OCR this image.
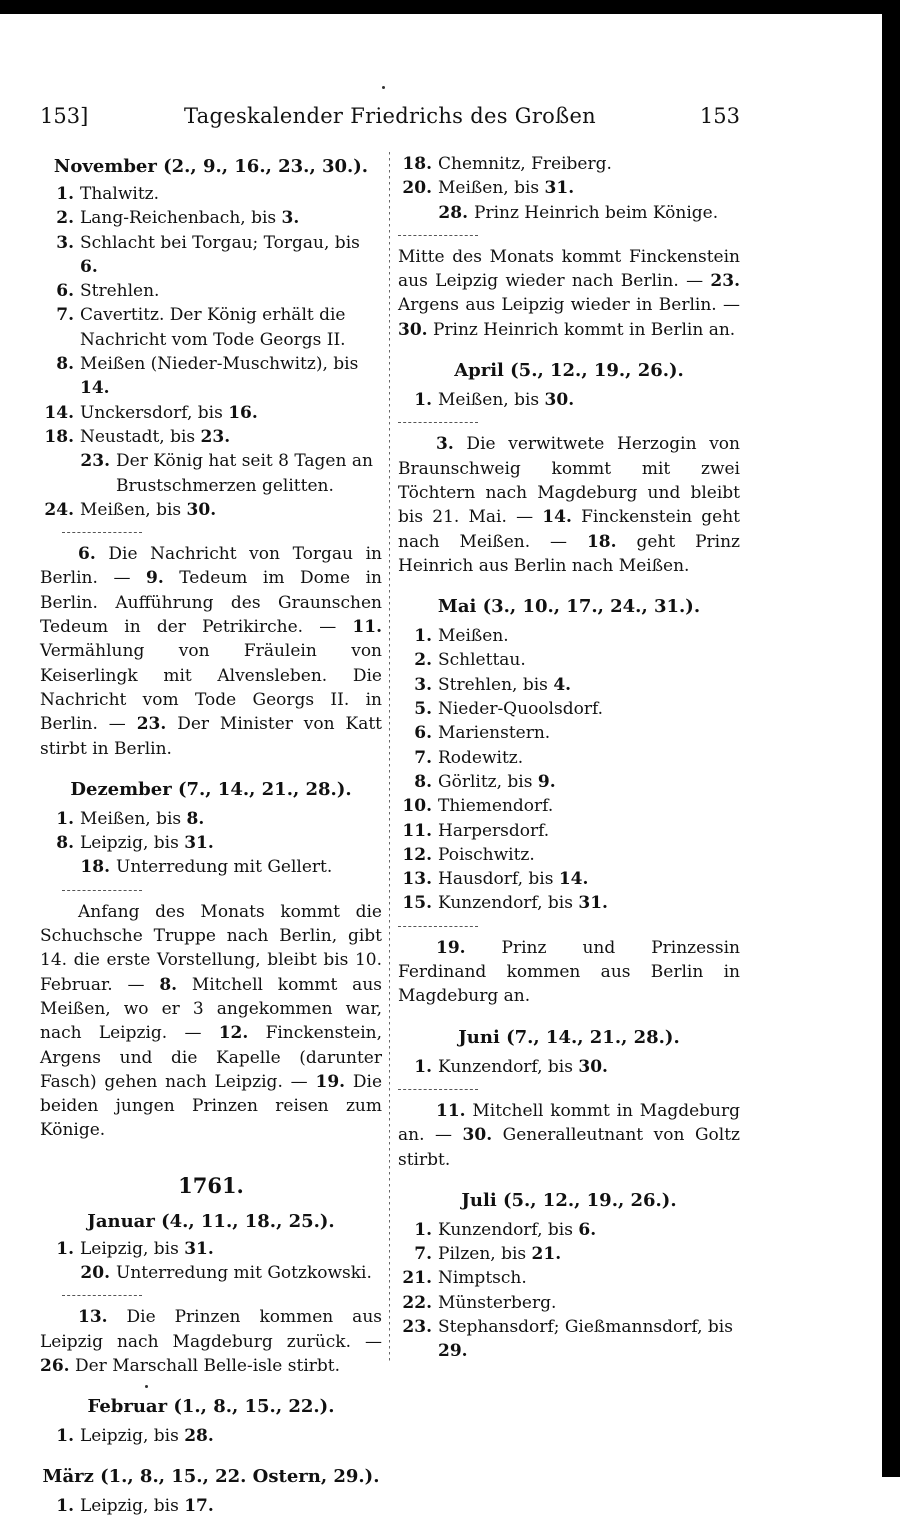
153]	Tageskalender Friedrichs des Großen	153
November (2., 9., 16., 23., 30.).
1. Thalwitz.
2. Lang-Reichenbach, bis 3.
3. Schlacht bei Torgau; Torgau, bis 6.
6. Strehlen.
7. Cavertitz. Der König erhält die Nachricht vom Tode Georgs II.
8. Meißen (Nieder-Muschwitz), bis 14.
14. Unckersdorf, bis 16.
18. Neustadt, bis 23.
23. Der König hat seit 8 Tagen an Brustschmerzen gelitten.
24. Meißen, bis 30.

6. Die Nachricht von Torgau in Berlin. — 9. Tedeum im Dome in Berlin. Aufführung des Graunschen Tedeum in der Petrikirche. — 11. Vermählung von Fräulein von Keiserlingk mit Alvensleben. Die Nachricht vom Tode Georgs II. in Berlin. — 23. Der Minister von Katt stirbt in Berlin.

Dezember (7., 14., 21., 28.).
1. Meißen, bis 8.
8. Leipzig, bis 31.
18. Unterredung mit Gellert.

Anfang des Monats kommt die Schuchsche Truppe nach Berlin, gibt 14. die erste Vorstellung, bleibt bis 10. Februar. — 8. Mitchell kommt aus Meißen, wo er 3 angekommen war, nach Leipzig. — 12. Finckenstein, Argens und die Kapelle (darunter Fasch) gehen nach Leipzig. — 19. Die beiden jungen Prinzen reisen zum Könige.

1761.
Januar (4., 11., 18., 25.).
1. Leipzig, bis 31.
20. Unterredung mit Gotzkowski.

13. Die Prinzen kommen aus Leipzig nach Magdeburg zurück. — 26. Der Marschall Belle-isle stirbt.

Februar (1., 8., 15., 22.).
1. Leipzig, bis 28.
März (1., 8., 15., 22. Ostern, 29.).
1. Leipzig, bis 17.
18. Chemnitz, Freiberg.
20. Meißen, bis 31.
28. Prinz Heinrich beim Könige.

Mitte des Monats kommt Finckenstein aus Leipzig wieder nach Berlin. — 23. Argens aus Leipzig wieder in Berlin. — 30. Prinz Heinrich kommt in Berlin an.

April (5., 12., 19., 26.).
1. Meißen, bis 30.

3. Die verwitwete Herzogin von Braunschweig kommt mit zwei Töchtern nach Magdeburg und bleibt bis 21. Mai. — 14. Finckenstein geht nach Meißen. — 18. geht Prinz Heinrich aus Berlin nach Meißen.

Mai (3., 10., 17., 24., 31.).
1. Meißen.
2. Schlettau.
3. Strehlen, bis 4.
5. Nieder-Quoolsdorf.
6. Marienstern.
7. Rodewitz.
8. Görlitz, bis 9.
10. Thiemendorf.
11. Harpersdorf.
12. Poischwitz.
13. Hausdorf, bis 14.
15. Kunzendorf, bis 31.

19. Prinz und Prinzessin Ferdinand kommen aus Berlin in Magdeburg an.

Juni (7., 14., 21., 28.).
1. Kunzendorf, bis 30.

11. Mitchell kommt in Magdeburg an. — 30. Generalleutnant von Goltz stirbt.

Juli (5., 12., 19., 26.).
1. Kunzendorf, bis 6.
7. Pilzen, bis 21.
21. Nimptsch.
22. Münsterberg.
23. Stephansdorf; Gießmannsdorf, bis 29.
